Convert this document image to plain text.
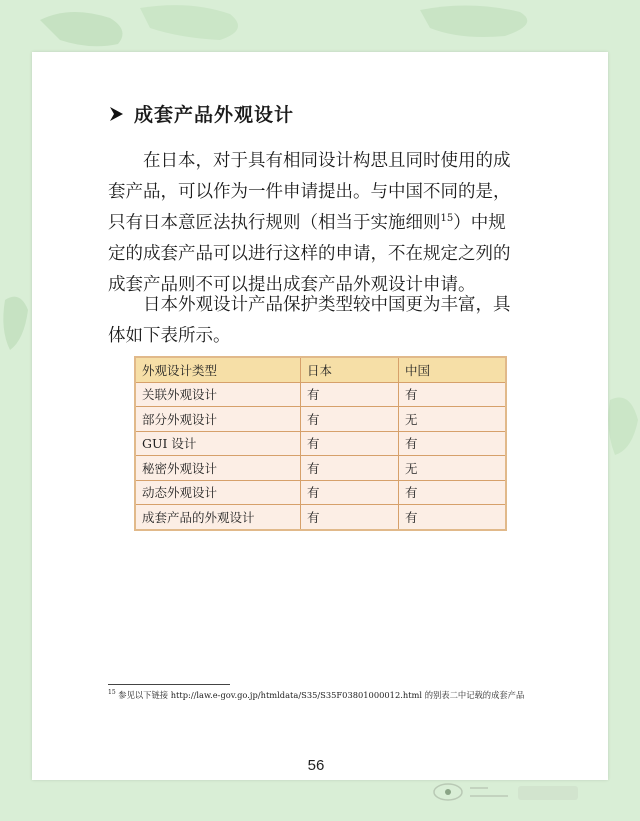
成套产品外观设计

在日本，对于具有相同设计构思且同时使用的成
套产品，可以作为一件申请提出。与中国不同的是，
只有日本意匠法执行规则（相当于实施细则$^{15}$）中规
定的成套产品可以进行这样的申请，不在规定之列的
成套产品则不可以提出成套产品外观设计申请。

日本外观设计产品保护类型较中国更为丰富，具
体如下表所示。

外观设计类型	日本	中国
关联外观设计	有	有
部分外观设计	有	无
GUI 设计	有	有
秘密外观设计	有	无
动态外观设计	有	有
成套产品的外观设计	有	有

$^{15}$ 参见以下链接 http://law.e-gov.go.jp/htmldata/S35/S35F03801000012.html 的别表二中记载的成套产品

56
